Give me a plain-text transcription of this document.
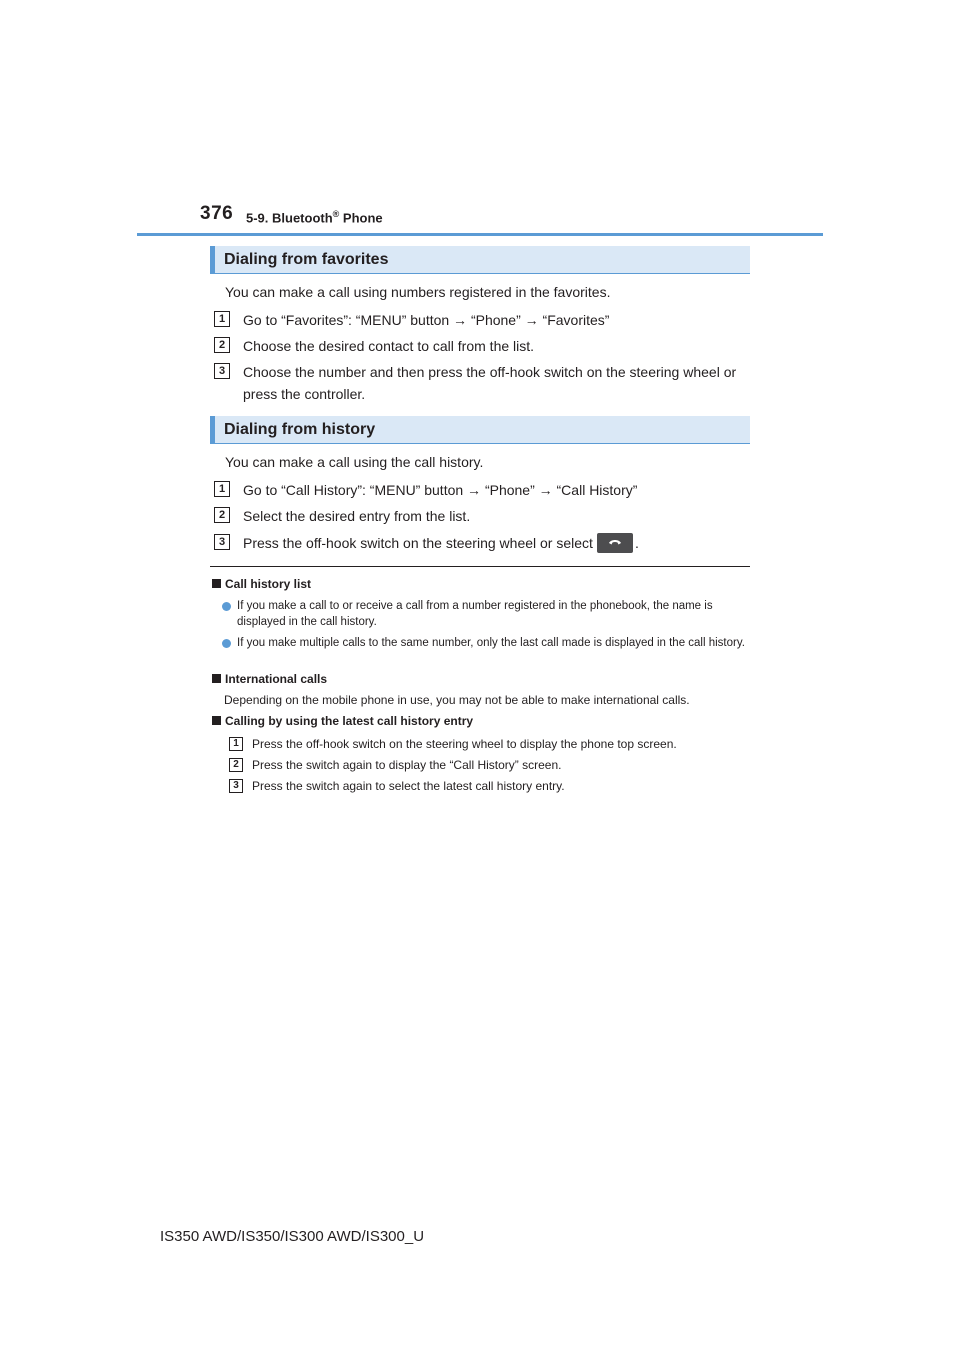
376 5-9. Bluetooth® Phone
Dialing from favorites
You can make a call using numbers registered in the favorites.
1	Go to “Favorites”: “MENU” button → “Phone” → “Favorites”
2	Choose the desired contact to call from the list.
3	Choose the number and then press the off-hook switch on the steering wheel or press the controller.
Dialing from history
You can make a call using the call history.
1	Go to “Call History”: “MENU” button → “Phone” → “Call History”
2	Select the desired entry from the list.
3	Press the off-hook switch on the steering wheel or select	.
Call history list
If you make a call to or receive a call from a number registered in the phonebook, the name is displayed in the call history.
If you make multiple calls to the same number, only the last call made is displayed in the call history.
International calls
Depending on the mobile phone in use, you may not be able to make international calls.
Calling by using the latest call history entry
1	Press the off-hook switch on the steering wheel to display the phone top screen.
2	Press the switch again to display the “Call History” screen.
3	Press the switch again to select the latest call history entry.
IS350 AWD/IS350/IS300 AWD/IS300_U
